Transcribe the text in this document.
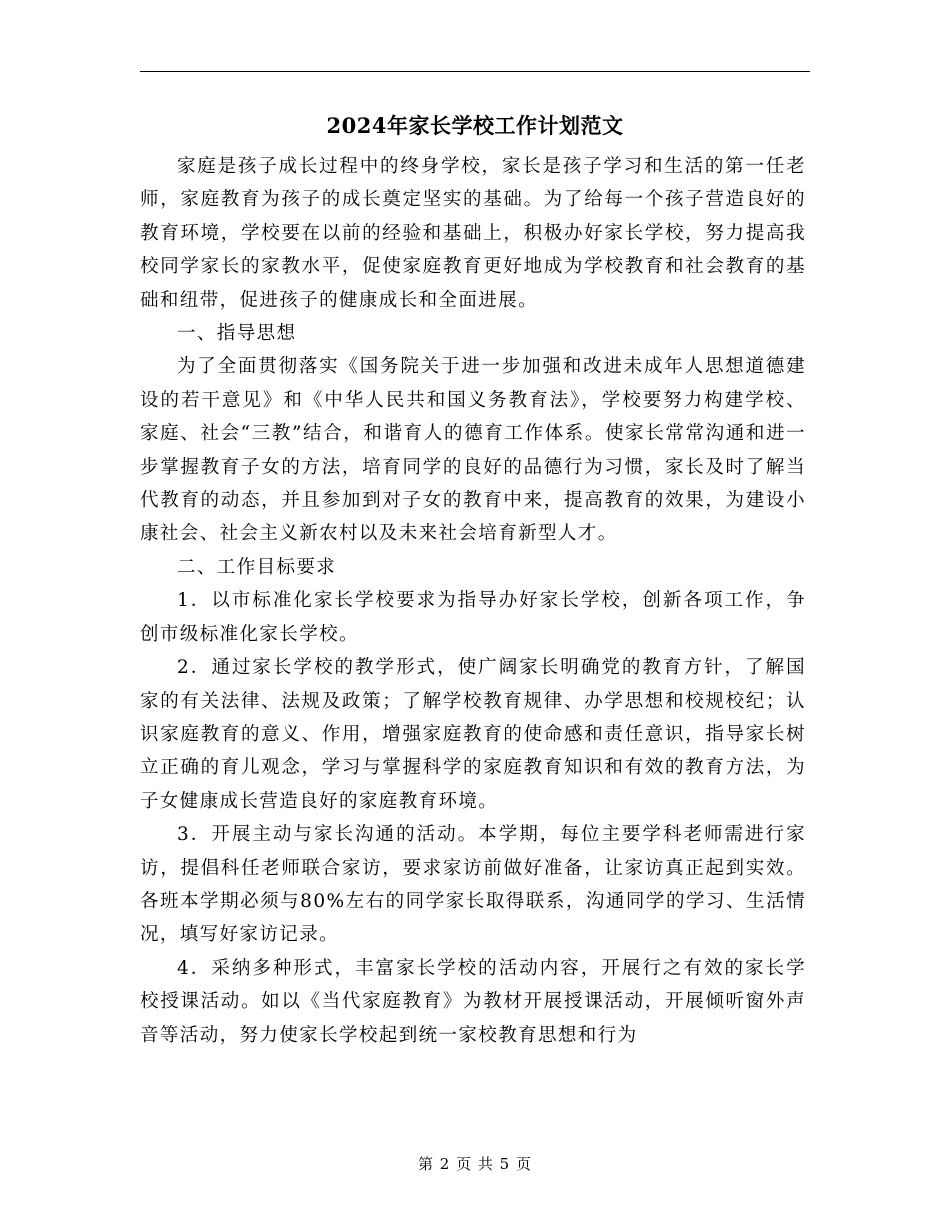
2024年家长学校工作计划范文

家庭是孩子成长过程中的终身学校，家长是孩子学习和生活的第一任老师，家庭教育为孩子的成长奠定坚实的基础。为了给每一个孩子营造良好的教育环境，学校要在以前的经验和基础上，积极办好家长学校，努力提高我校同学家长的家教水平，促使家庭教育更好地成为学校教育和社会教育的基础和纽带，促进孩子的健康成长和全面进展。

一、指导思想

为了全面贯彻落实《国务院关于进一步加强和改进未成年人思想道德建设的若干意见》和《中华人民共和国义务教育法》，学校要努力构建学校、家庭、社会“三教”结合，和谐育人的德育工作体系。使家长常常沟通和进一步掌握教育子女的方法，培育同学的良好的品德行为习惯，家长及时了解当代教育的动态，并且参加到对子女的教育中来，提高教育的效果，为建设小康社会、社会主义新农村以及未来社会培育新型人才。

二、工作目标要求

1．以市标准化家长学校要求为指导办好家长学校，创新各项工作，争创市级标准化家长学校。

2．通过家长学校的教学形式，使广阔家长明确党的教育方针，了解国家的有关法律、法规及政策；了解学校教育规律、办学思想和校规校纪；认识家庭教育的意义、作用，增强家庭教育的使命感和责任意识，指导家长树立正确的育儿观念，学习与掌握科学的家庭教育知识和有效的教育方法，为子女健康成长营造良好的家庭教育环境。

3．开展主动与家长沟通的活动。本学期，每位主要学科老师需进行家访，提倡科任老师联合家访，要求家访前做好准备，让家访真正起到实效。各班本学期必须与80%左右的同学家长取得联系，沟通同学的学习、生活情况，填写好家访记录。

4．采纳多种形式，丰富家长学校的活动内容，开展行之有效的家长学校授课活动。如以《当代家庭教育》为教材开展授课活动，开展倾听窗外声音等活动，努力使家长学校起到统一家校教育思想和行为

第 2 页 共 5 页
